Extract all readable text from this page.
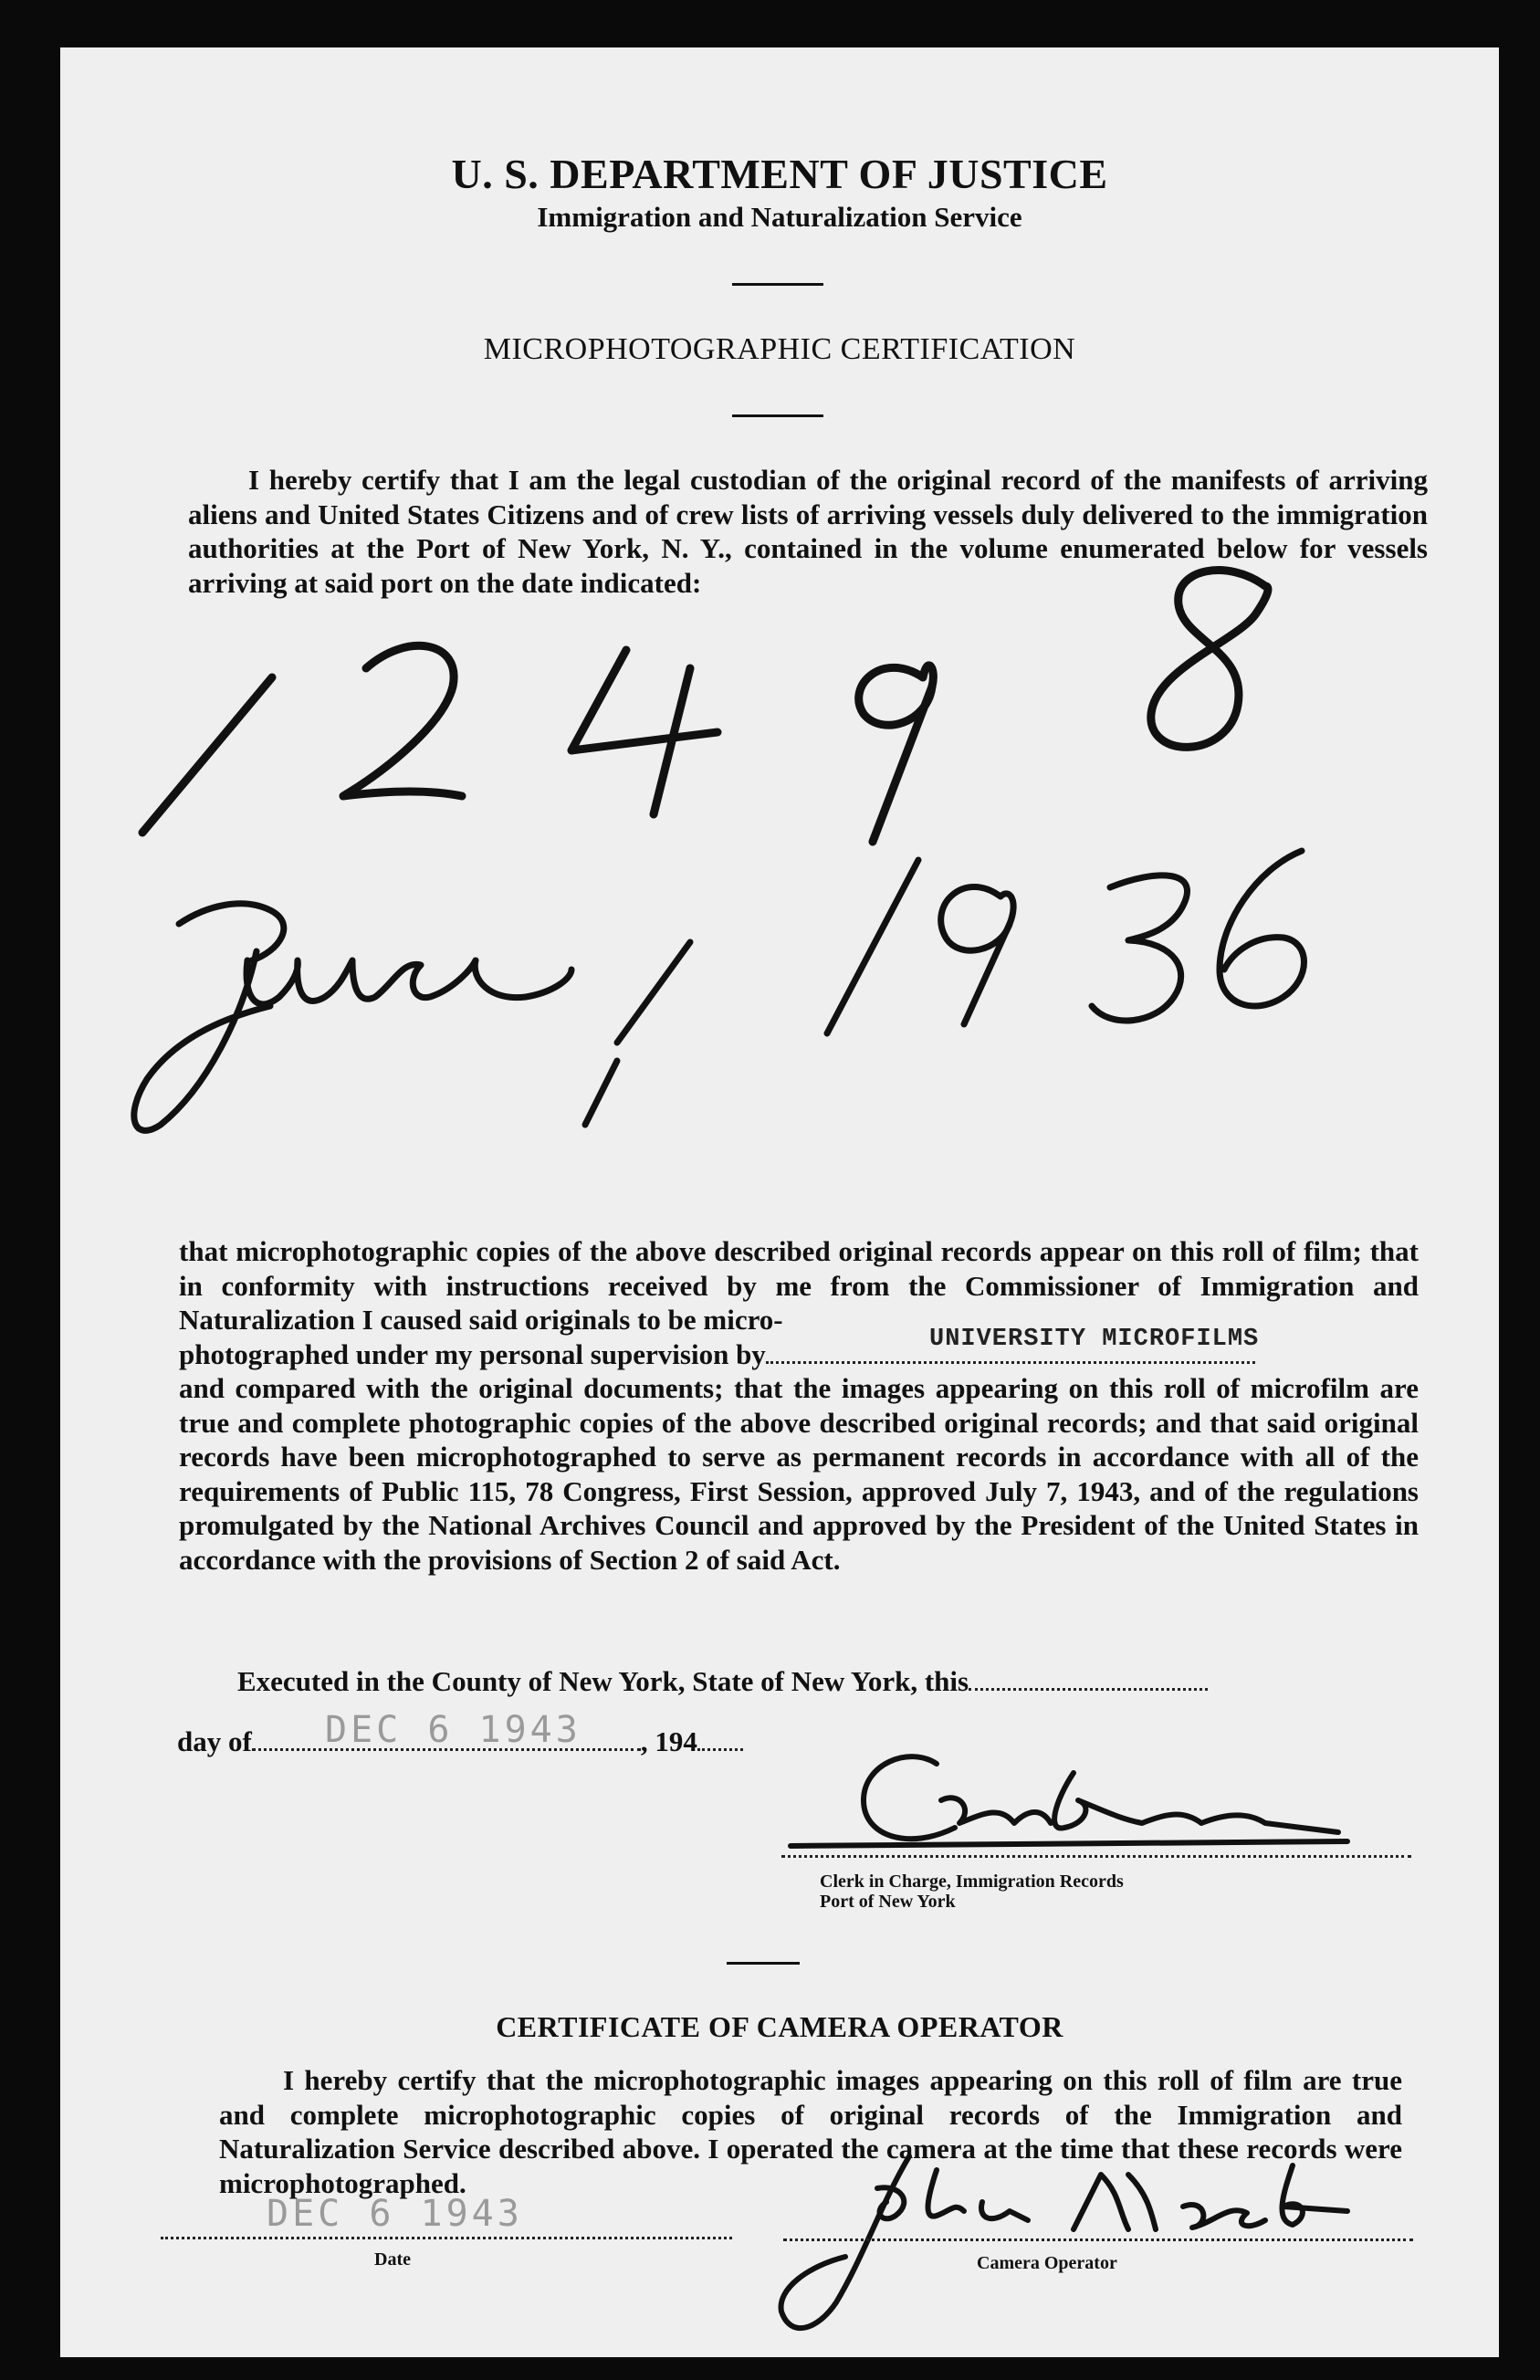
U. S. DEPARTMENT OF JUSTICE
Immigration and Naturalization Service
MICROPHOTOGRAPHIC CERTIFICATION
I hereby certify that I am the legal custodian of the original record of the manifests of arriving aliens and United States Citizens and of crew lists of arriving vessels duly delivered to the immigration authorities at the Port of New York, N. Y., contained in the volume enumerated below for vessels arriving at said port on the date indicated:
that microphotographic copies of the above described original records appear on this roll of film; that in conformity with instructions received by me from the Commissioner of Immigration and Naturalization I caused said originals to be micro-
photographed under my personal supervision by	UNIVERSITY MICROFILMS
and compared with the original documents; that the images appearing on this roll of microfilm are true and complete photographic copies of the above described original records; and that said original records have been microphotographed to serve as permanent records in accordance with all of the requirements of Public 115, 78 Congress, First Session, approved July 7, 1943, and of the regulations promulgated by the National Archives Council and approved by the President of the United States in accordance with the provisions of Section 2 of said Act.
Executed in the County of New York, State of New York, this
day of	, 194
DEC 6 1943
Clerk in Charge, Immigration Records
Port of New York
CERTIFICATE OF CAMERA OPERATOR
I hereby certify that the microphotographic images appearing on this roll of film are true and complete microphotographic copies of original records of the Immigration and Naturalization Service described above. I operated the camera at the time that these records were microphotographed.
DEC 6 1943
Date	Camera Operator
